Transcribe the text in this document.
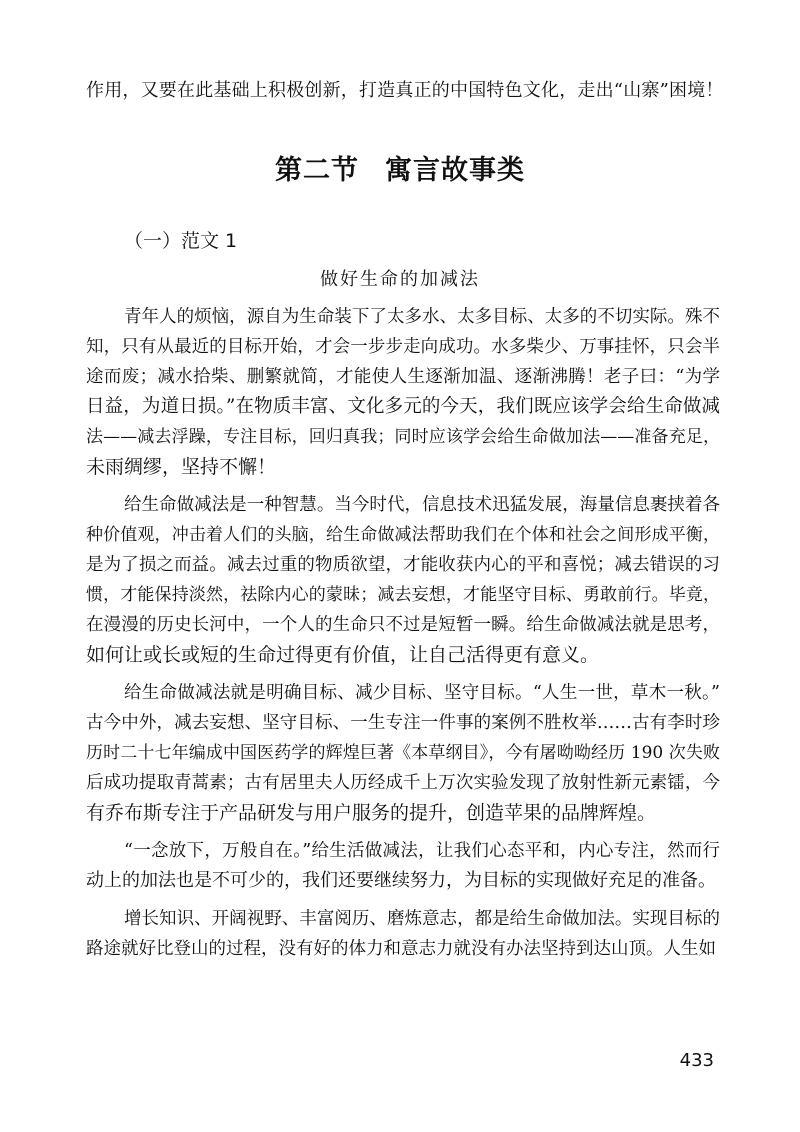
作用，又要在此基础上积极创新，打造真正的中国特色文化，走出“山寨”困境！
第二节 寓言故事类
（一）范文 1
做好生命的加减法
青年人的烦恼，源自为生命装下了太多水、太多目标、太多的不切实际。殊不
知，只有从最近的目标开始，才会一步步走向成功。水多柴少、万事挂怀，只会半
途而废；减水拾柴、删繁就简，才能使人生逐渐加温、逐渐沸腾！老子曰：“为学
日益，为道日损。”在物质丰富、文化多元的今天，我们既应该学会给生命做减
法——减去浮躁，专注目标，回归真我；同时应该学会给生命做加法——准备充足，
未雨绸缪，坚持不懈！
给生命做减法是一种智慧。当今时代，信息技术迅猛发展，海量信息裹挟着各
种价值观，冲击着人们的头脑，给生命做减法帮助我们在个体和社会之间形成平衡，
是为了损之而益。减去过重的物质欲望，才能收获内心的平和喜悦；减去错误的习
惯，才能保持淡然，祛除内心的蒙昧；减去妄想，才能坚守目标、勇敢前行。毕竟，
在漫漫的历史长河中，一个人的生命只不过是短暂一瞬。给生命做减法就是思考，
如何让或长或短的生命过得更有价值，让自己活得更有意义。
给生命做减法就是明确目标、减少目标、坚守目标。“人生一世，草木一秋。”
古今中外，减去妄想、坚守目标、一生专注一件事的案例不胜枚举……古有李时珍
历时二十七年编成中国医药学的辉煌巨著《本草纲目》，今有屠呦呦经历 190 次失败
后成功提取青蒿素；古有居里夫人历经成千上万次实验发现了放射性新元素镭，今
有乔布斯专注于产品研发与用户服务的提升，创造苹果的品牌辉煌。
“一念放下，万般自在。”给生活做减法，让我们心态平和，内心专注，然而行
动上的加法也是不可少的，我们还要继续努力，为目标的实现做好充足的准备。
增长知识、开阔视野、丰富阅历、磨炼意志，都是给生命做加法。实现目标的
路途就好比登山的过程，没有好的体力和意志力就没有办法坚持到达山顶。人生如
433
